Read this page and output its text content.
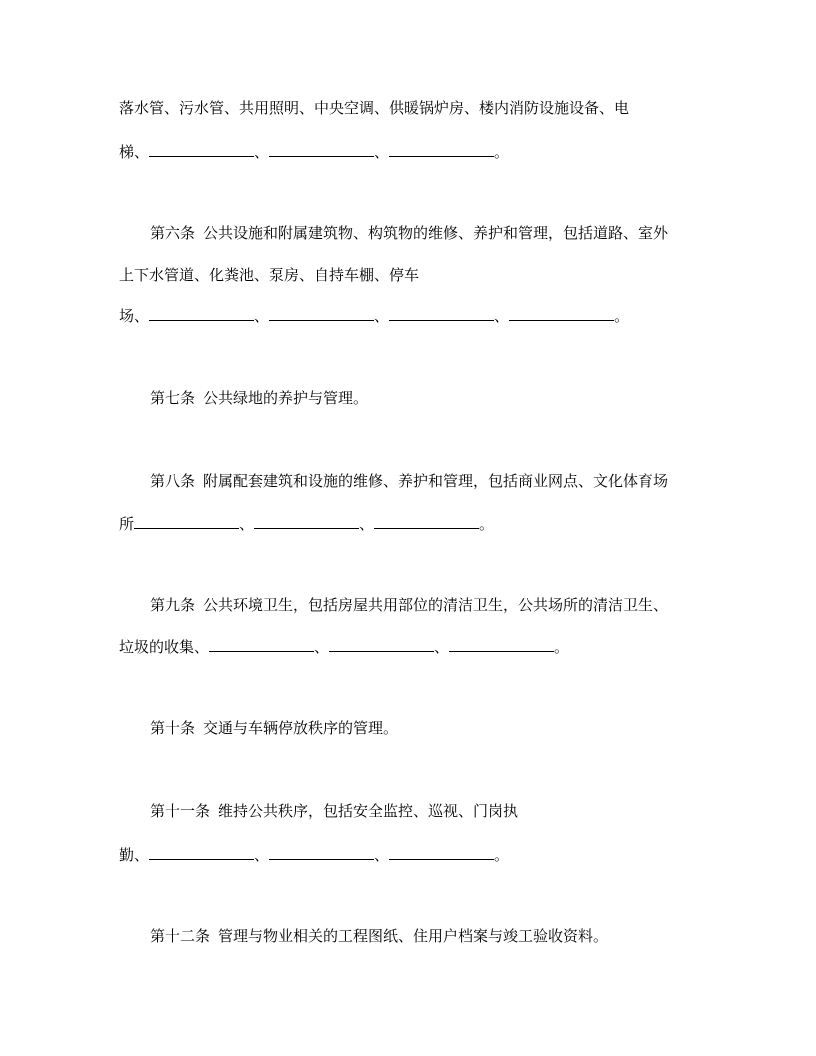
落水管、污水管、共用照明、中央空调、供暖锅炉房、楼内消防设施设备、电
梯、	、	、	。
第六条 公共设施和附属建筑物、构筑物的维修、养护和管理，包括道路、室外
上下水管道、化粪池、泵房、自持车棚、停车
场、	、	、	、	。
第七条 公共绿地的养护与管理。
第八条 附属配套建筑和设施的维修、养护和管理，包括商业网点、文化体育场
所	、	、	。
第九条 公共环境卫生，包括房屋共用部位的清洁卫生，公共场所的清洁卫生、
垃圾的收集、	、	、	。
第十条 交通与车辆停放秩序的管理。
第十一条 维持公共秩序，包括安全监控、巡视、门岗执
勤、	、	、	。
第十二条 管理与物业相关的工程图纸、住用户档案与竣工验收资料。
